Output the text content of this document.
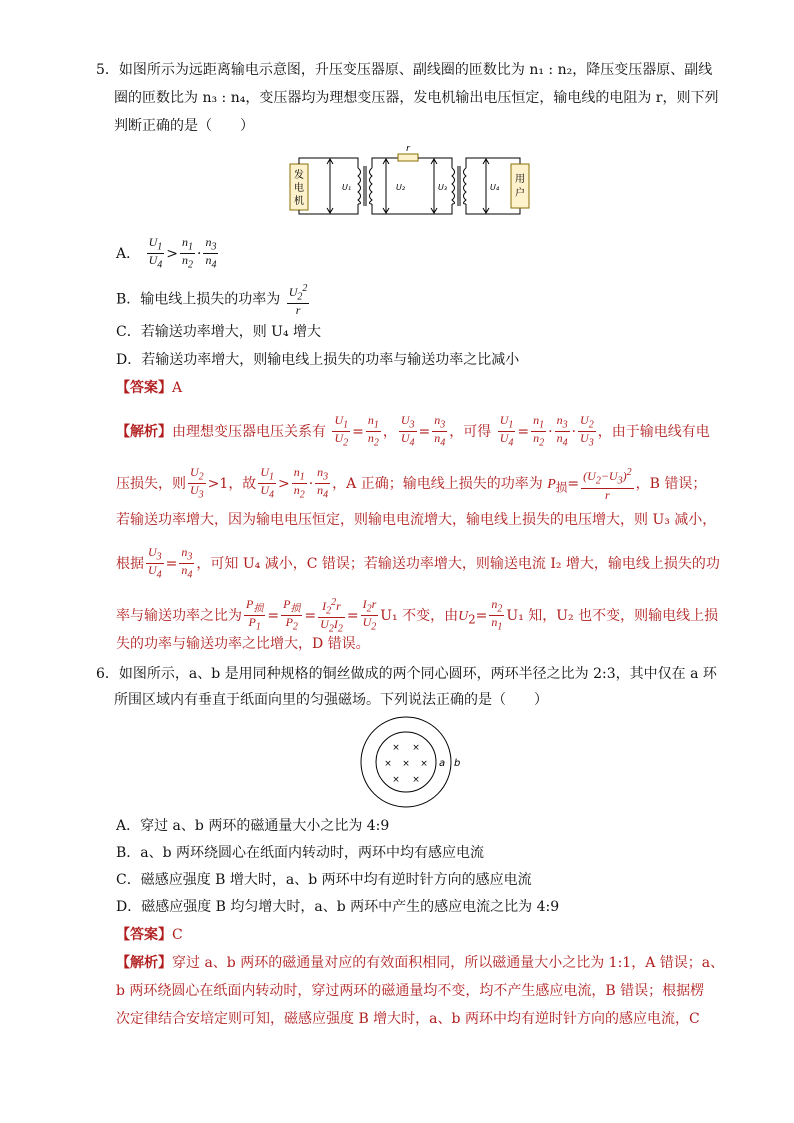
5．如图所示为远距离输电示意图，升压变压器原、副线圈的匝数比为 n₁ : n₂，降压变压器原、副线
圈的匝数比为 n₃ : n₄，变压器均为理想变压器，发电机输出电压恒定，输电线的电阻为 r，则下列
判断正确的是（　　）
发
电
机
用
户
r
U₁	U₂	U₃	U₄
A． $\frac{U_1}{U_4} > \frac{n_1}{n_2} \cdot \frac{n_3}{n_4}$
B．输电线上损失的功率为 $\frac{U_2^2}{r}$
C．若输送功率增大，则 U₄ 增大
D．若输送功率增大，则输电线上损失的功率与输送功率之比减小
【答案】A
【解析】由理想变压器电压关系有 $\frac{U_1}{U_2} = \frac{n_1}{n_2}$ ， $\frac{U_3}{U_4} = \frac{n_3}{n_4}$ ，可得 $\frac{U_1}{U_4} = \frac{n_1}{n_2} \cdot \frac{n_3}{n_4} \cdot \frac{U_2}{U_3}$ ，由于输电线有电
压损失，则 $\frac{U_2}{U_3} >1$，故 $\frac{U_1}{U_4} > \frac{n_1}{n_2} \cdot \frac{n_3}{n_4}$ ，A 正确；输电线上损失的功率为 $P_损= \frac{(U_2-U_3)^2}{r}$ ，B 错误；
若输送功率增大，因为输电电压恒定，则输电电流增大，输电线上损失的电压增大，则 U₃ 减小，
根据 $\frac{U_3}{U_4} = \frac{n_3}{n_4}$ ，可知 U₄ 减小，C 错误；若输送功率增大，则输送电流 I₂ 增大，输电线上损失的功
率与输送功率之比为 $\frac{P_损}{P_1} = \frac{P_损}{P_2} = \frac{I_2^2r}{U_2I_2} = \frac{I_2r}{U_2} U_1$ 不变，由$U_2= \frac{n_2}{n_1} U_1$ 知，U₂ 也不变，则输电线上损
失的功率与输送功率之比增大，D 错误。
6．如图所示，a、b 是用同种规格的铜丝做成的两个同心圆环，两环半径之比为 2:3，其中仅在 a 环
所围区域内有垂直于纸面向里的匀强磁场。下列说法正确的是（　　）
× ×
× × ×
× ×
a b
A．穿过 a、b 两环的磁通量大小之比为 4:9
B．a、b 两环绕圆心在纸面内转动时，两环中均有感应电流
C．磁感应强度 B 增大时，a、b 两环中均有逆时针方向的感应电流
D．磁感应强度 B 均匀增大时，a、b 两环中产生的感应电流之比为 4:9
【答案】C
【解析】穿过 a、b 两环的磁通量对应的有效面积相同，所以磁通量大小之比为 1:1，A 错误；a、
b 两环绕圆心在纸面内转动时，穿过两环的磁通量均不变，均不产生感应电流，B 错误；根据楞
次定律结合安培定则可知，磁感应强度 B 增大时，a、b 两环中均有逆时针方向的感应电流，C
